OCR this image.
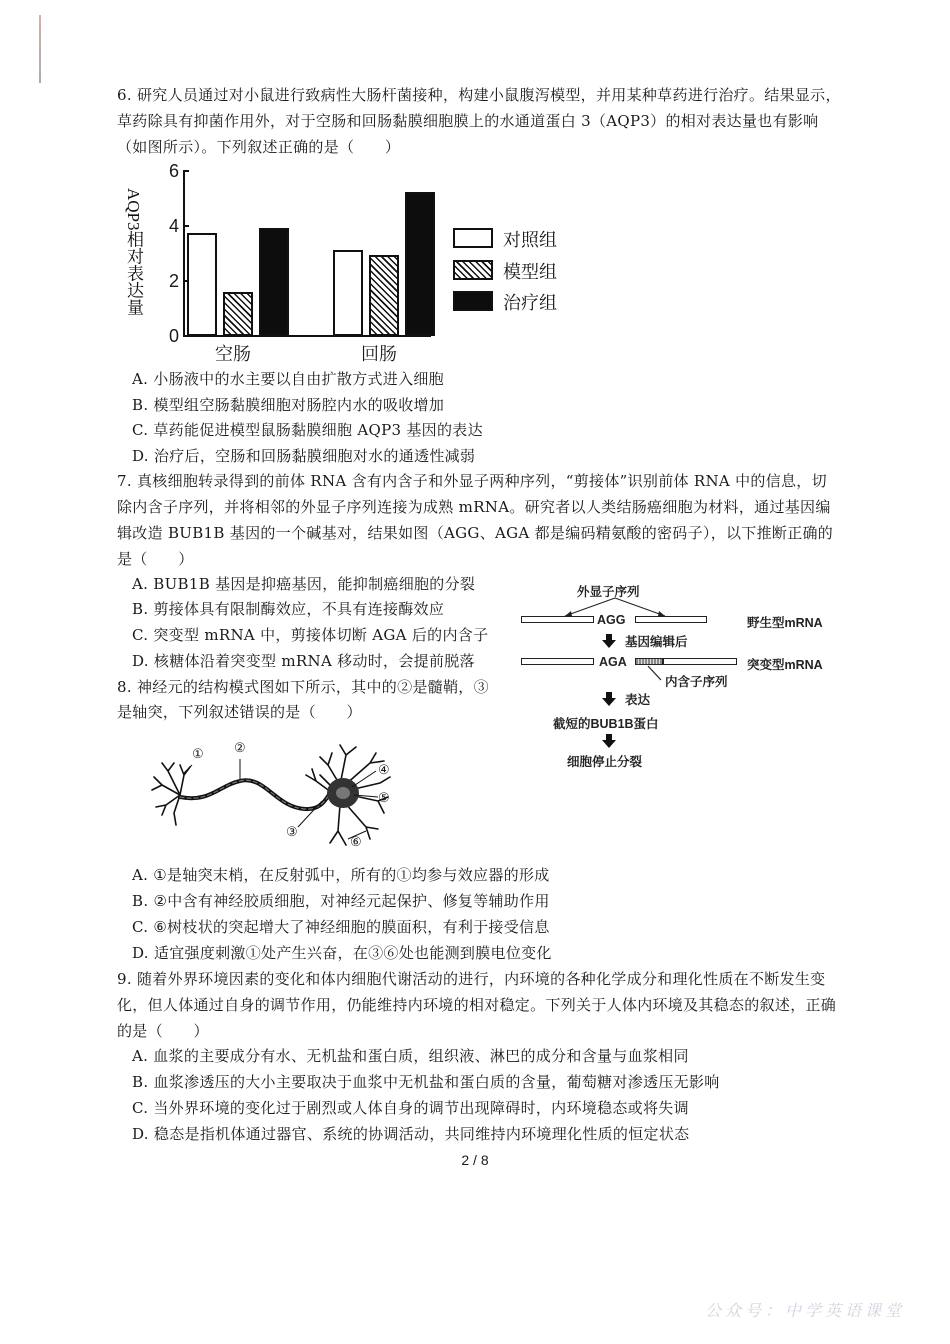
6. 研究人员通过对小鼠进行致病性大肠杆菌接种，构建小鼠腹泻模型，并用某种草药进行治疗。结果显示，草药除具有抑菌作用外，对于空肠和回肠黏膜细胞膜上的水通道蛋白 3（AQP3）的相对表达量也有影响（如图所示）。下列叙述正确的是（　　）

AQP3相对表达量
6
4
2
0
空肠	回肠
对照组
模型组
治疗组
A. 小肠液中的水主要以自由扩散方式进入细胞
B. 模型组空肠黏膜细胞对肠腔内水的吸收增加
C. 草药能促进模型鼠肠黏膜细胞 AQP3 基因的表达
D. 治疗后，空肠和回肠黏膜细胞对水的通透性减弱

7. 真核细胞转录得到的前体 RNA 含有内含子和外显子两种序列，“剪接体”识别前体 RNA 中的信息，切除内含子序列，并将相邻的外显子序列连接为成熟 mRNA。研究者以人类结肠癌细胞为材料，通过基因编辑改造 BUB1B 基因的一个碱基对，结果如图（AGG、AGA 都是编码精氨酸的密码子），以下推断正确的是（　　）

A. BUB1B 基因是抑癌基因，能抑制癌细胞的分裂
B. 剪接体具有限制酶效应，不具有连接酶效应
C. 突变型 mRNA 中，剪接体切断 AGA 后的内含子
D. 核糖体沿着突变型 mRNA 移动时，会提前脱落
外显子序列
AGG	野生型mRNA
基因编辑后
AGA	突变型mRNA
内含子序列
表达
截短的BUB1B蛋白
细胞停止分裂
8. 神经元的结构模式图如下所示，其中的②是髓鞘，③
是轴突，下列叙述错误的是（　　）
① ②
③
④
⑤
⑥
A. ①是轴突末梢，在反射弧中，所有的①均参与效应器的形成
B. ②中含有神经胶质细胞，对神经元起保护、修复等辅助作用
C. ⑥树枝状的突起增大了神经细胞的膜面积，有利于接受信息
D. 适宜强度刺激①处产生兴奋，在③⑥处也能测到膜电位变化

9. 随着外界环境因素的变化和体内细胞代谢活动的进行，内环境的各种化学成分和理化性质在不断发生变化，但人体通过自身的调节作用，仍能维持内环境的相对稳定。下列关于人体内环境及其稳态的叙述，正确的是（　　）

A. 血浆的主要成分有水、无机盐和蛋白质，组织液、淋巴的成分和含量与血浆相同
B. 血浆渗透压的大小主要取决于血浆中无机盐和蛋白质的含量，葡萄糖对渗透压无影响
C. 当外界环境的变化过于剧烈或人体自身的调节出现障碍时，内环境稳态或将失调
D. 稳态是指机体通过器官、系统的协调活动，共同维持内环境理化性质的恒定状态
2 / 8
公众号：中学英语课堂
